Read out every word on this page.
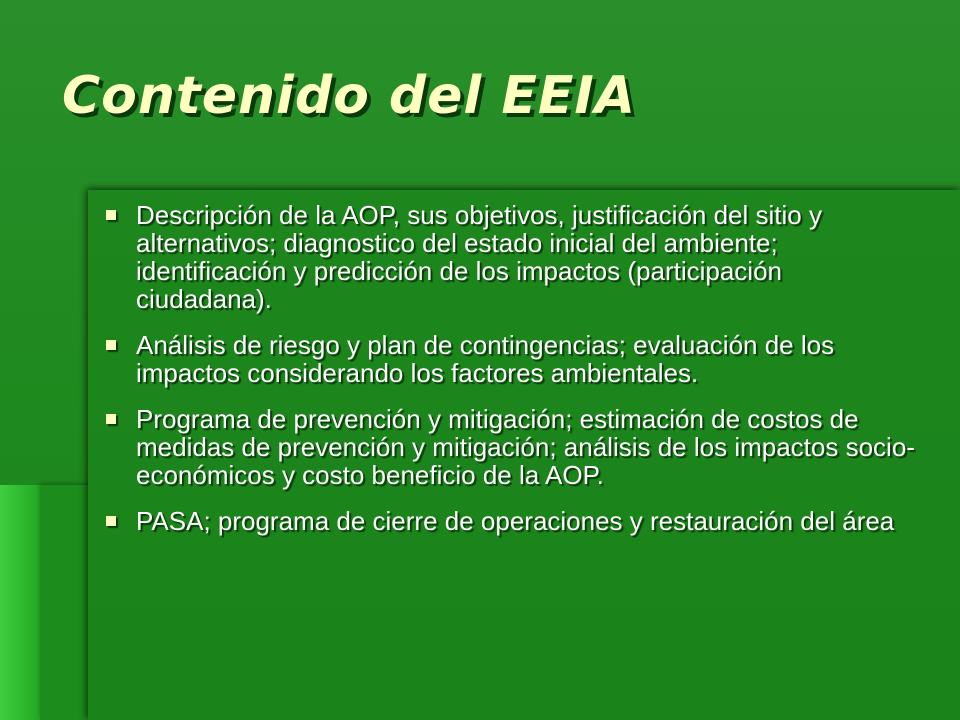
Contenido del EEIA
Descripción de la AOP, sus objetivos, justificación del sitio y alternativos; diagnostico del estado inicial del ambiente; identificación y predicción de los impactos (participación ciudadana).
Análisis de riesgo y plan de contingencias; evaluación de los impactos considerando los factores ambientales.
Programa de prevención y mitigación; estimación de costos de medidas de prevención y mitigación; análisis de los impactos socio-económicos y costo beneficio de la AOP.
PASA; programa de cierre de operaciones y restauración del área
